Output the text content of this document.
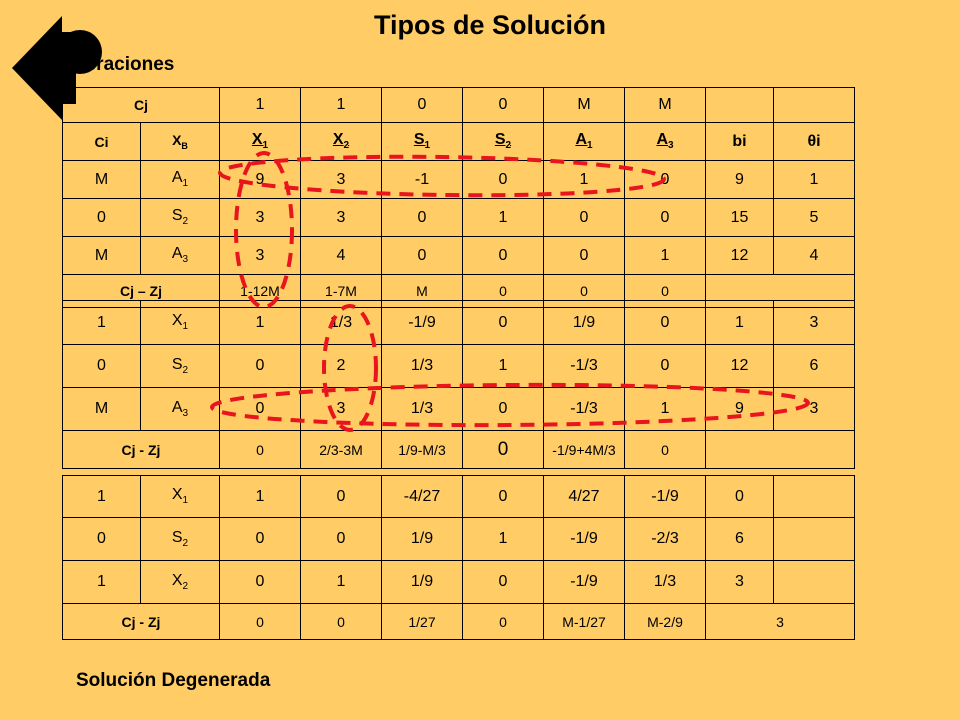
Tipos de Solución
Iteraciones
Cj		1	1	0	0	M	M		
Ci	$X_B$	$X_1$	$X_2$	$S_1$	$S_2$	$A_1$	$A_3$	bi	θi
M	$A_1$	9	3	-1	0	1	0	9	1
0	$S_2$	3	3	0	1	0	0	15	5
M	$A_3$	3	4	0	0	0	1	12	4
Cj – Zj		1-12M	1-7M	M	0	0	0		
1	$X_1$	1	1/3	-1/9	0	1/9	0	1	3
0	$S_2$	0	2	1/3	1	-1/3	0	12	6
M	$A_3$	0	3	1/3	0	-1/3	1	9	3
Cj - Zj		0	2/3-3M	1/9-M/3	0	-1/9+4M/3	0		
1	$X_1$	1	0	-4/27	0	4/27	-1/9	0	
0	$S_2$	0	0	1/9	1	-1/9	-2/3	6	
1	$X_2$	0	1	1/9	0	-1/9	1/3	3	
Cj - Zj		0	0	1/27	0	M-1/27	M-2/9	3	
Solución Degenerada
